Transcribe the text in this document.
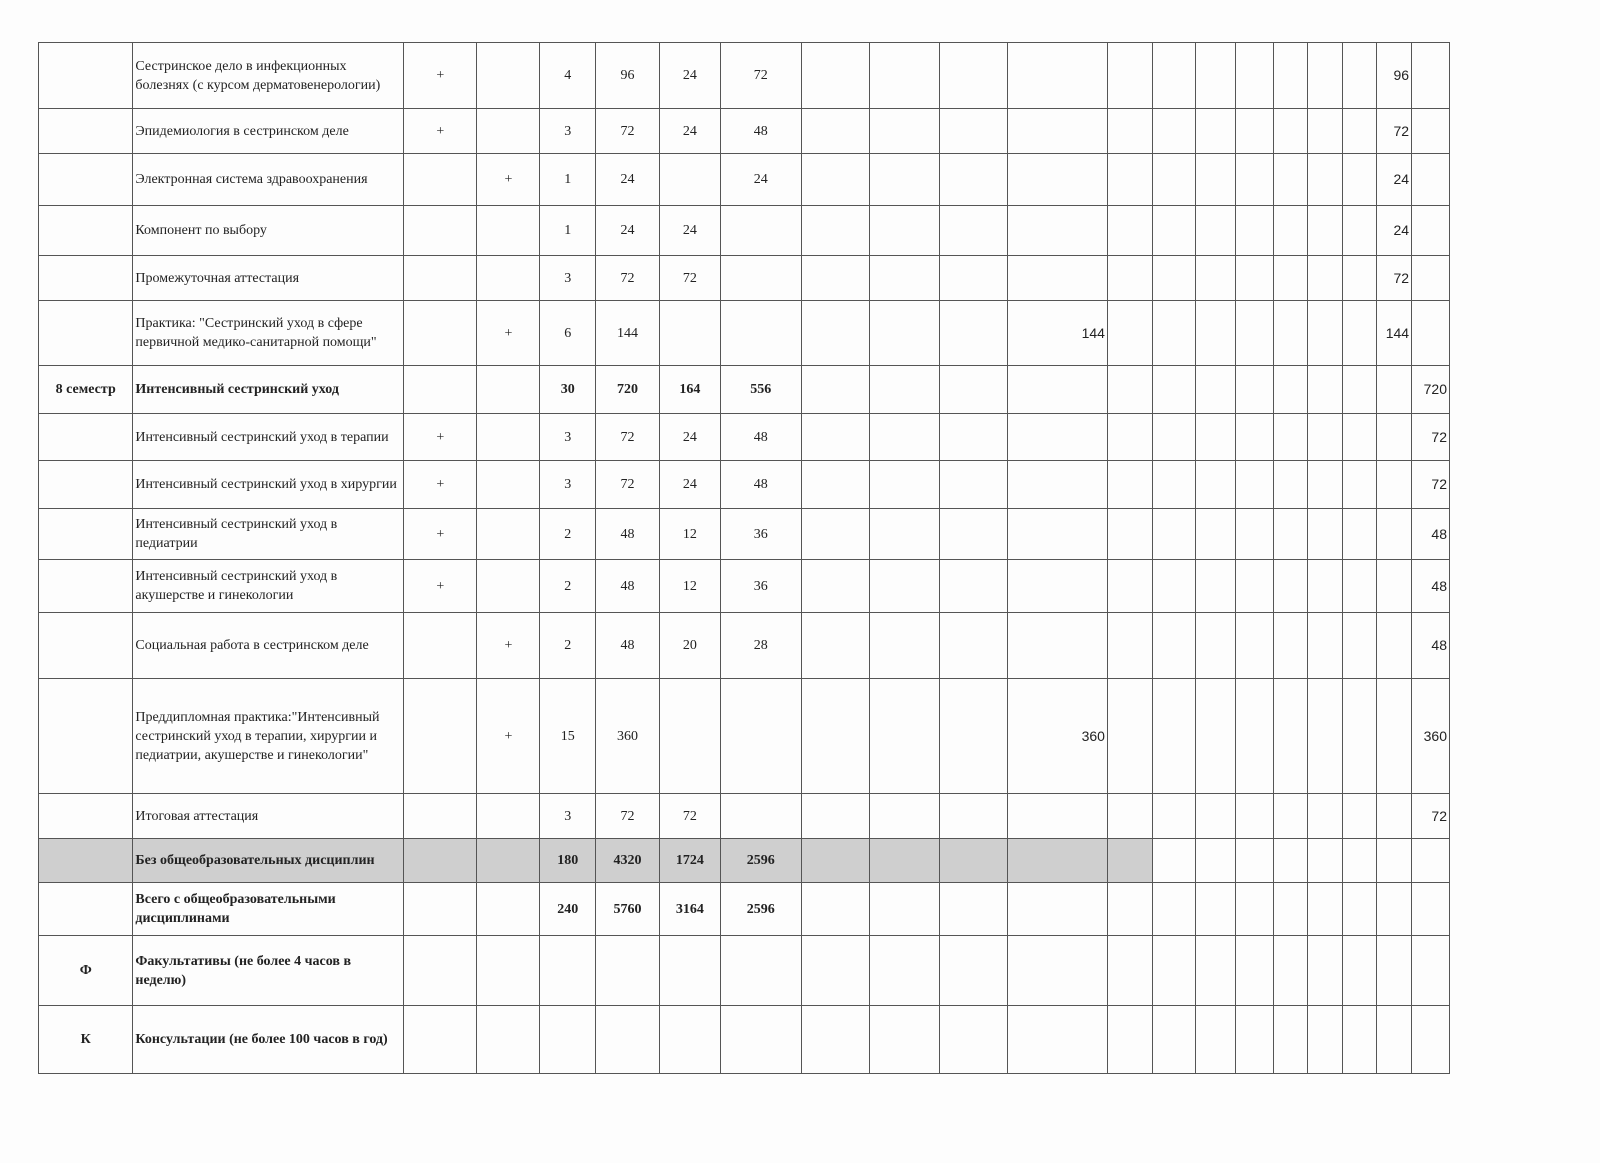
	Сестринское дело в инфекционных болезнях (с курсом дерматовенерологии)	+		4	96	24	72												96	
	Эпидемиология в сестринском деле	+		3	72	24	48												72	
	Электронная система здравоохранения		+	1	24		24												24	
	Компонент по выбору			1	24	24													24	
	Промежуточная аттестация			3	72	72													72	
	Практика: "Сестринский уход в сфере первичной медико-санитарной помощи"		+	6	144						144								144	
8 семестр	Интенсивный сестринский уход			30	720	164	556													720
	Интенсивный сестринский уход в терапии	+		3	72	24	48													72
	Интенсивный сестринский уход в хирургии	+		3	72	24	48													72
	Интенсивный сестринский уход в педиатрии	+		2	48	12	36													48
	Интенсивный сестринский уход в акушерстве и гинекологии	+		2	48	12	36													48
	Социальная работа в сестринском деле		+	2	48	20	28													48
	Преддипломная практика:"Интенсивный сестринский уход в терапии, хирургии и педиатрии, акушерстве и гинекологии"		+	15	360						360									360
	Итоговая аттестация			3	72	72														72
	Без общеобразовательных дисциплин			180	4320	1724	2596													
	Всего с общеобразовательными дисциплинами			240	5760	3164	2596													
Ф	Факультативы (не более 4 часов в неделю)																			
К	Консультации (не более 100 часов в год)																			
